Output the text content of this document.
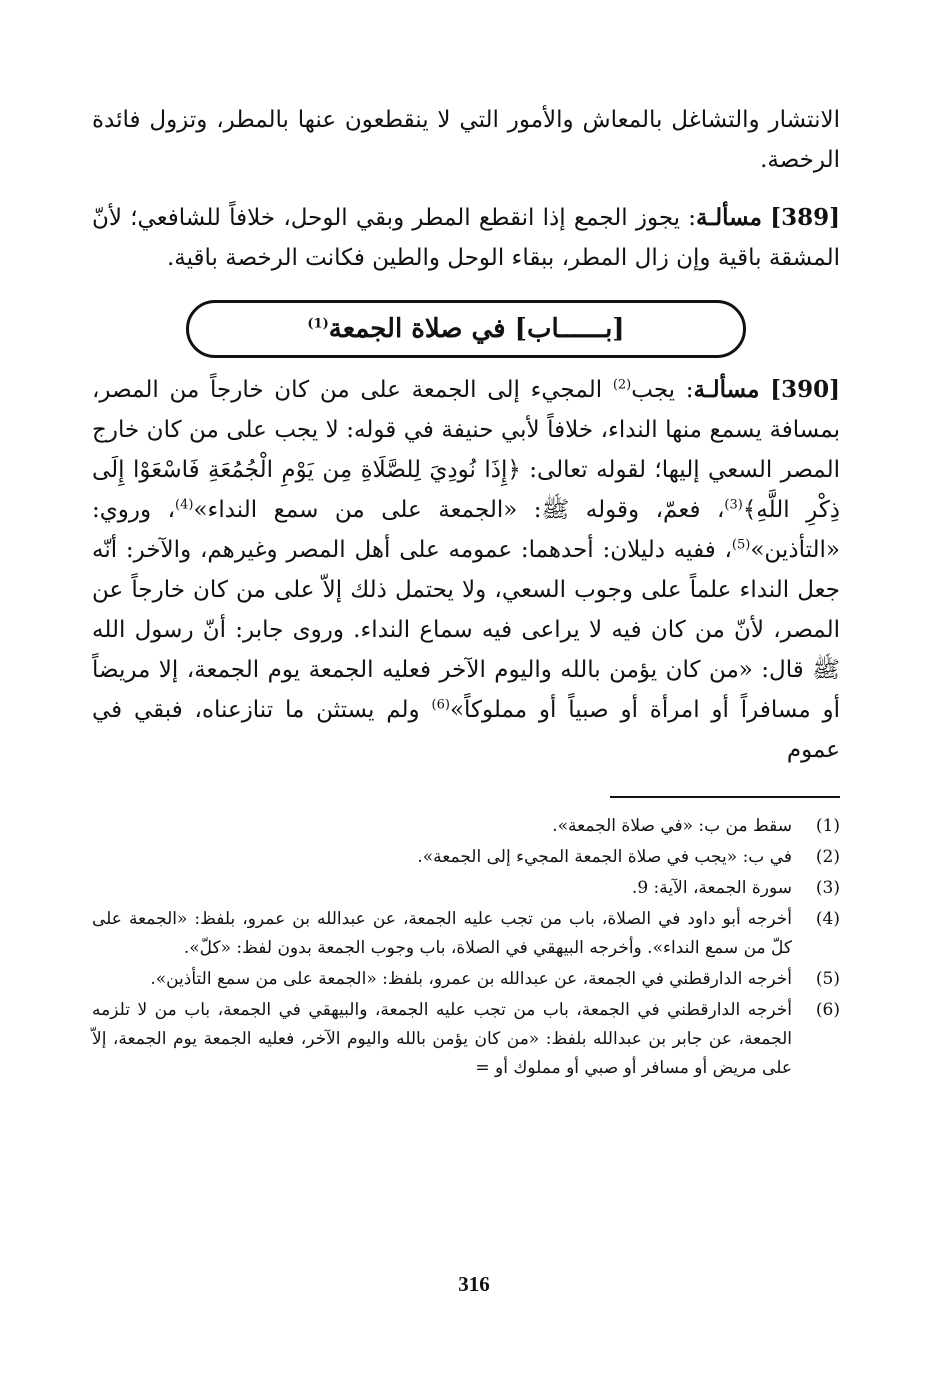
الانتشار والتشاغل بالمعاش والأمور التي لا ينقطعون عنها بالمطر، وتزول فائدة الرخصة.

[389] مسألـة: يجوز الجمع إذا انقطع المطر وبقي الوحل، خلافاً للشافعي؛ لأنّ المشقة باقية وإن زال المطر، ببقاء الوحل والطين فكانت الرخصة باقية.

[بــــــاب] في صلاة الجمعة$^{(1)}$

[390] مسألـة: يجب$^{(2)}$ المجيء إلى الجمعة على من كان خارجاً من المصر، بمسافة يسمع منها النداء، خلافاً لأبي حنيفة في قوله: لا يجب على من كان خارج المصر السعي إليها؛ لقوله تعالى: ﴿إِذَا نُودِيَ لِلصَّلَاةِ مِن يَوْمِ الْجُمُعَةِ فَاسْعَوْا إِلَى ذِكْرِ اللَّهِ﴾$^{(3)}$، فعمّ، وقوله ﷺ: «الجمعة على من سمع النداء»$^{(4)}$، وروي: «التأذين»$^{(5)}$، ففيه دليلان: أحدهما: عمومه على أهل المصر وغيرهم، والآخر: أنّه جعل النداء علماً على وجوب السعي، ولا يحتمل ذلك إلاّ على من كان خارجاً عن المصر، لأنّ من كان فيه لا يراعى فيه سماع النداء. وروى جابر: أنّ رسول الله ﷺ قال: «من كان يؤمن بالله واليوم الآخر فعليه الجمعة يوم الجمعة، إلا مريضاً أو مسافراً أو امرأة أو صبياً أو مملوكاً»$^{(6)}$ ولم يستثن ما تنازعناه، فبقي في عموم

(1)
سقط من ب: «في صلاة الجمعة».
(2)
في ب: «يجب في صلاة الجمعة المجيء إلى الجمعة».
(3)
سورة الجمعة، الآية: 9.
(4)
أخرجه أبو داود في الصلاة، باب من تجب عليه الجمعة، عن عبدالله بن عمرو، بلفظ: «الجمعة على كلّ من سمع النداء». وأخرجه البيهقي في الصلاة، باب وجوب الجمعة بدون لفظ: «كلّ».
(5)
أخرجه الدارقطني في الجمعة، عن عبدالله بن عمرو، بلفظ: «الجمعة على من سمع التأذين».
(6)
أخرجه الدارقطني في الجمعة، باب من تجب عليه الجمعة، والبيهقي في الجمعة، باب من لا تلزمه الجمعة، عن جابر بن عبدالله بلفظ: «من كان يؤمن بالله واليوم الآخر، فعليه الجمعة يوم الجمعة، إلاّ على مريض أو مسافر أو صبي أو مملوك أو =
316
